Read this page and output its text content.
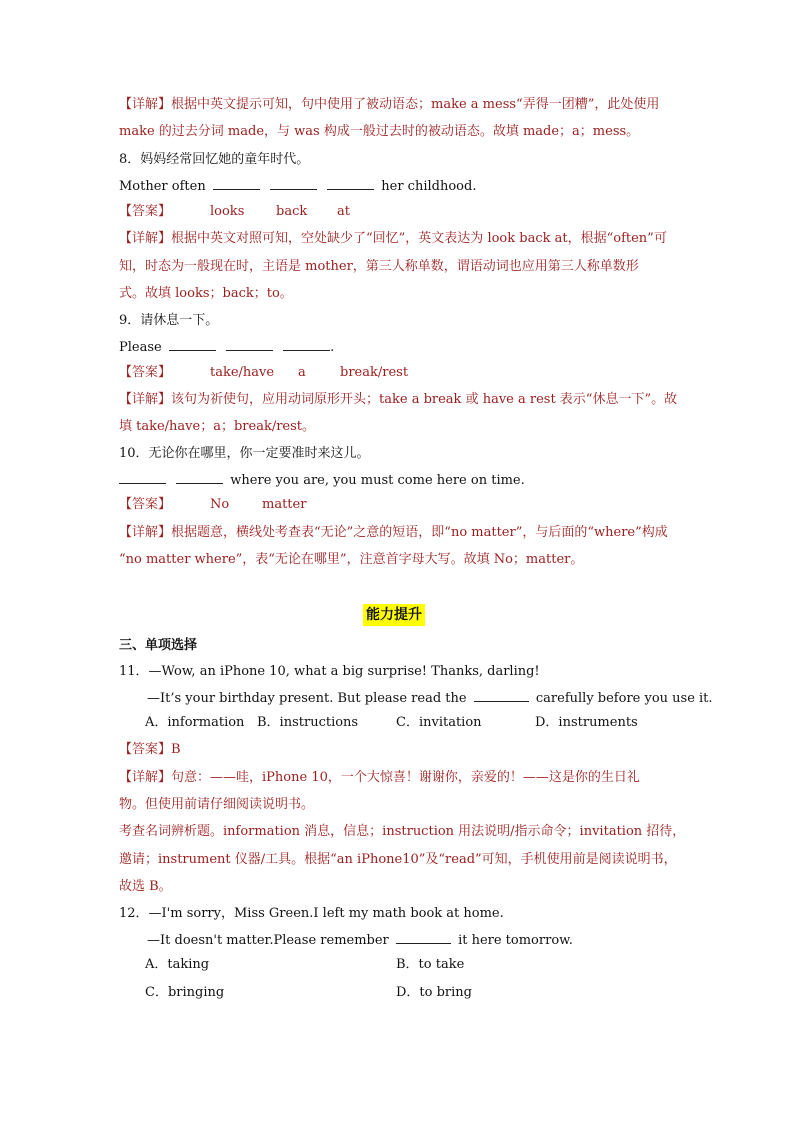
【详解】根据中英文提示可知，句中使用了被动语态；make a mess“弄得一团糟”，此处使用
make 的过去分词 made，与 was 构成一般过去时的被动语态。故填 made；a；mess。
8．妈妈经常回忆她的童年时代。
Mother often	her childhood.
【答案】	looks back at
【详解】根据中英文对照可知，空处缺少了“回忆”，英文表达为 look back at，根据“often”可
知，时态为一般现在时，主语是 mother，第三人称单数，谓语动词也应用第三人称单数形
式。故填 looks；back；to。
9．请休息一下。
Please	.
【答案】	take/have a	break/rest
【详解】该句为祈使句，应用动词原形开头；take a break 或 have a rest 表示“休息一下”。故
填 take/have；a；break/rest。
10．无论你在哪里，你一定要准时来这儿。
where you are, you must come here on time.
【答案】	No	matter
【详解】根据题意，横线处考查表“无论”之意的短语，即“no matter”，与后面的“where”构成
“no matter where”，表“无论在哪里”，注意首字母大写。故填 No；matter。
能力提升
三、单项选择
11．—Wow, an iPhone 10, what a big surprise! Thanks, darling!
—It’s your birthday present. But please read the	carefully before you use it.
A．information B．instructions	C．invitation	D．instruments
【答案】B
【详解】句意：——哇，iPhone 10，一个大惊喜！谢谢你，亲爱的！——这是你的生日礼
物。但使用前请仔细阅读说明书。
考查名词辨析题。information 消息，信息；instruction 用法说明/指示命令；invitation 招待，
邀请；instrument 仪器/工具。根据“an iPhone10”及“read”可知，手机使用前是阅读说明书，
故选 B。
12．—I'm sorry，Miss Green.I left my math book at home.
—It doesn't matter.Please remember	it here tomorrow.
A．taking	B．to take
C．bringing	D．to bring
